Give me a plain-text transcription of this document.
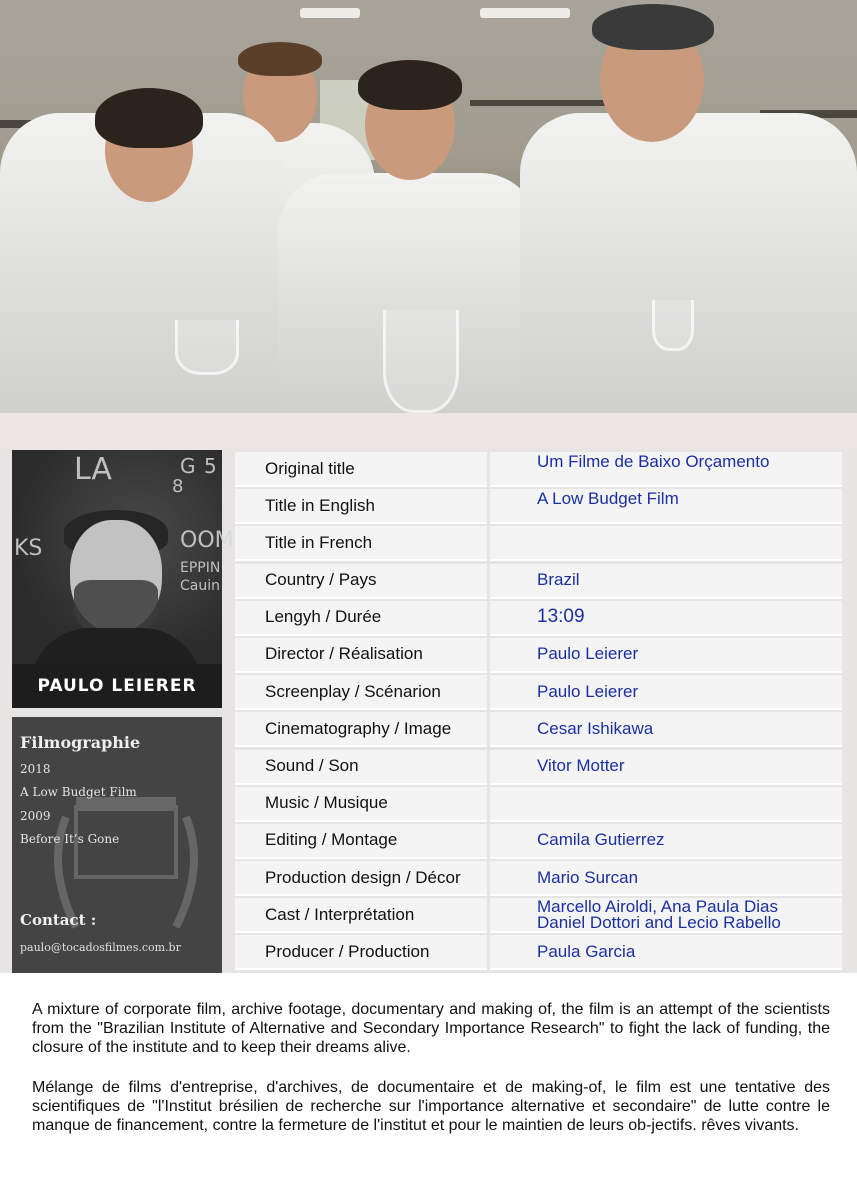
LA	G 5
8
OOM
KS
EPPIN
Cauin
PAULO LEIERER
Filmographie
2018
A Low Budget Film
2009
Before It’s Gone
Contact :
paulo@tocadosfilmes.com.br
Original title	Um Filme de Baixo Orçamento
Title in English	A Low Budget Film
Title in French
Country / Pays	Brazil
Lengyh / Durée	13:09
Director / Réalisation	Paulo Leierer
Screenplay / Scénarion	Paulo Leierer
Cinematography / Image	Cesar Ishikawa
Sound / Son	Vitor Motter
Music / Musique
Editing / Montage	Camila Gutierrez
Production design / Décor	Mario Surcan
Cast / Interprétation	Marcello Airoldi, Ana Paula Dias
Daniel Dottori and Lecio Rabello
Producer / Production	Paula Garcia

A mixture of corporate film, archive footage, documentary and making of, the film is an attempt of the scientists from the "Brazilian Institute of Alternative and Secondary Importance Research" to fight the lack of funding, the closure of the institute and to keep their dreams alive.

Mélange de films d'entreprise, d'archives, de documentaire et de making-of, le film est une tentative des scientifiques de "l'Institut brésilien de recherche sur l'importance alternative et secondaire" de lutte contre le manque de financement, contre la fermeture de l'institut et pour le maintien de leurs ob-jectifs. rêves vivants.
